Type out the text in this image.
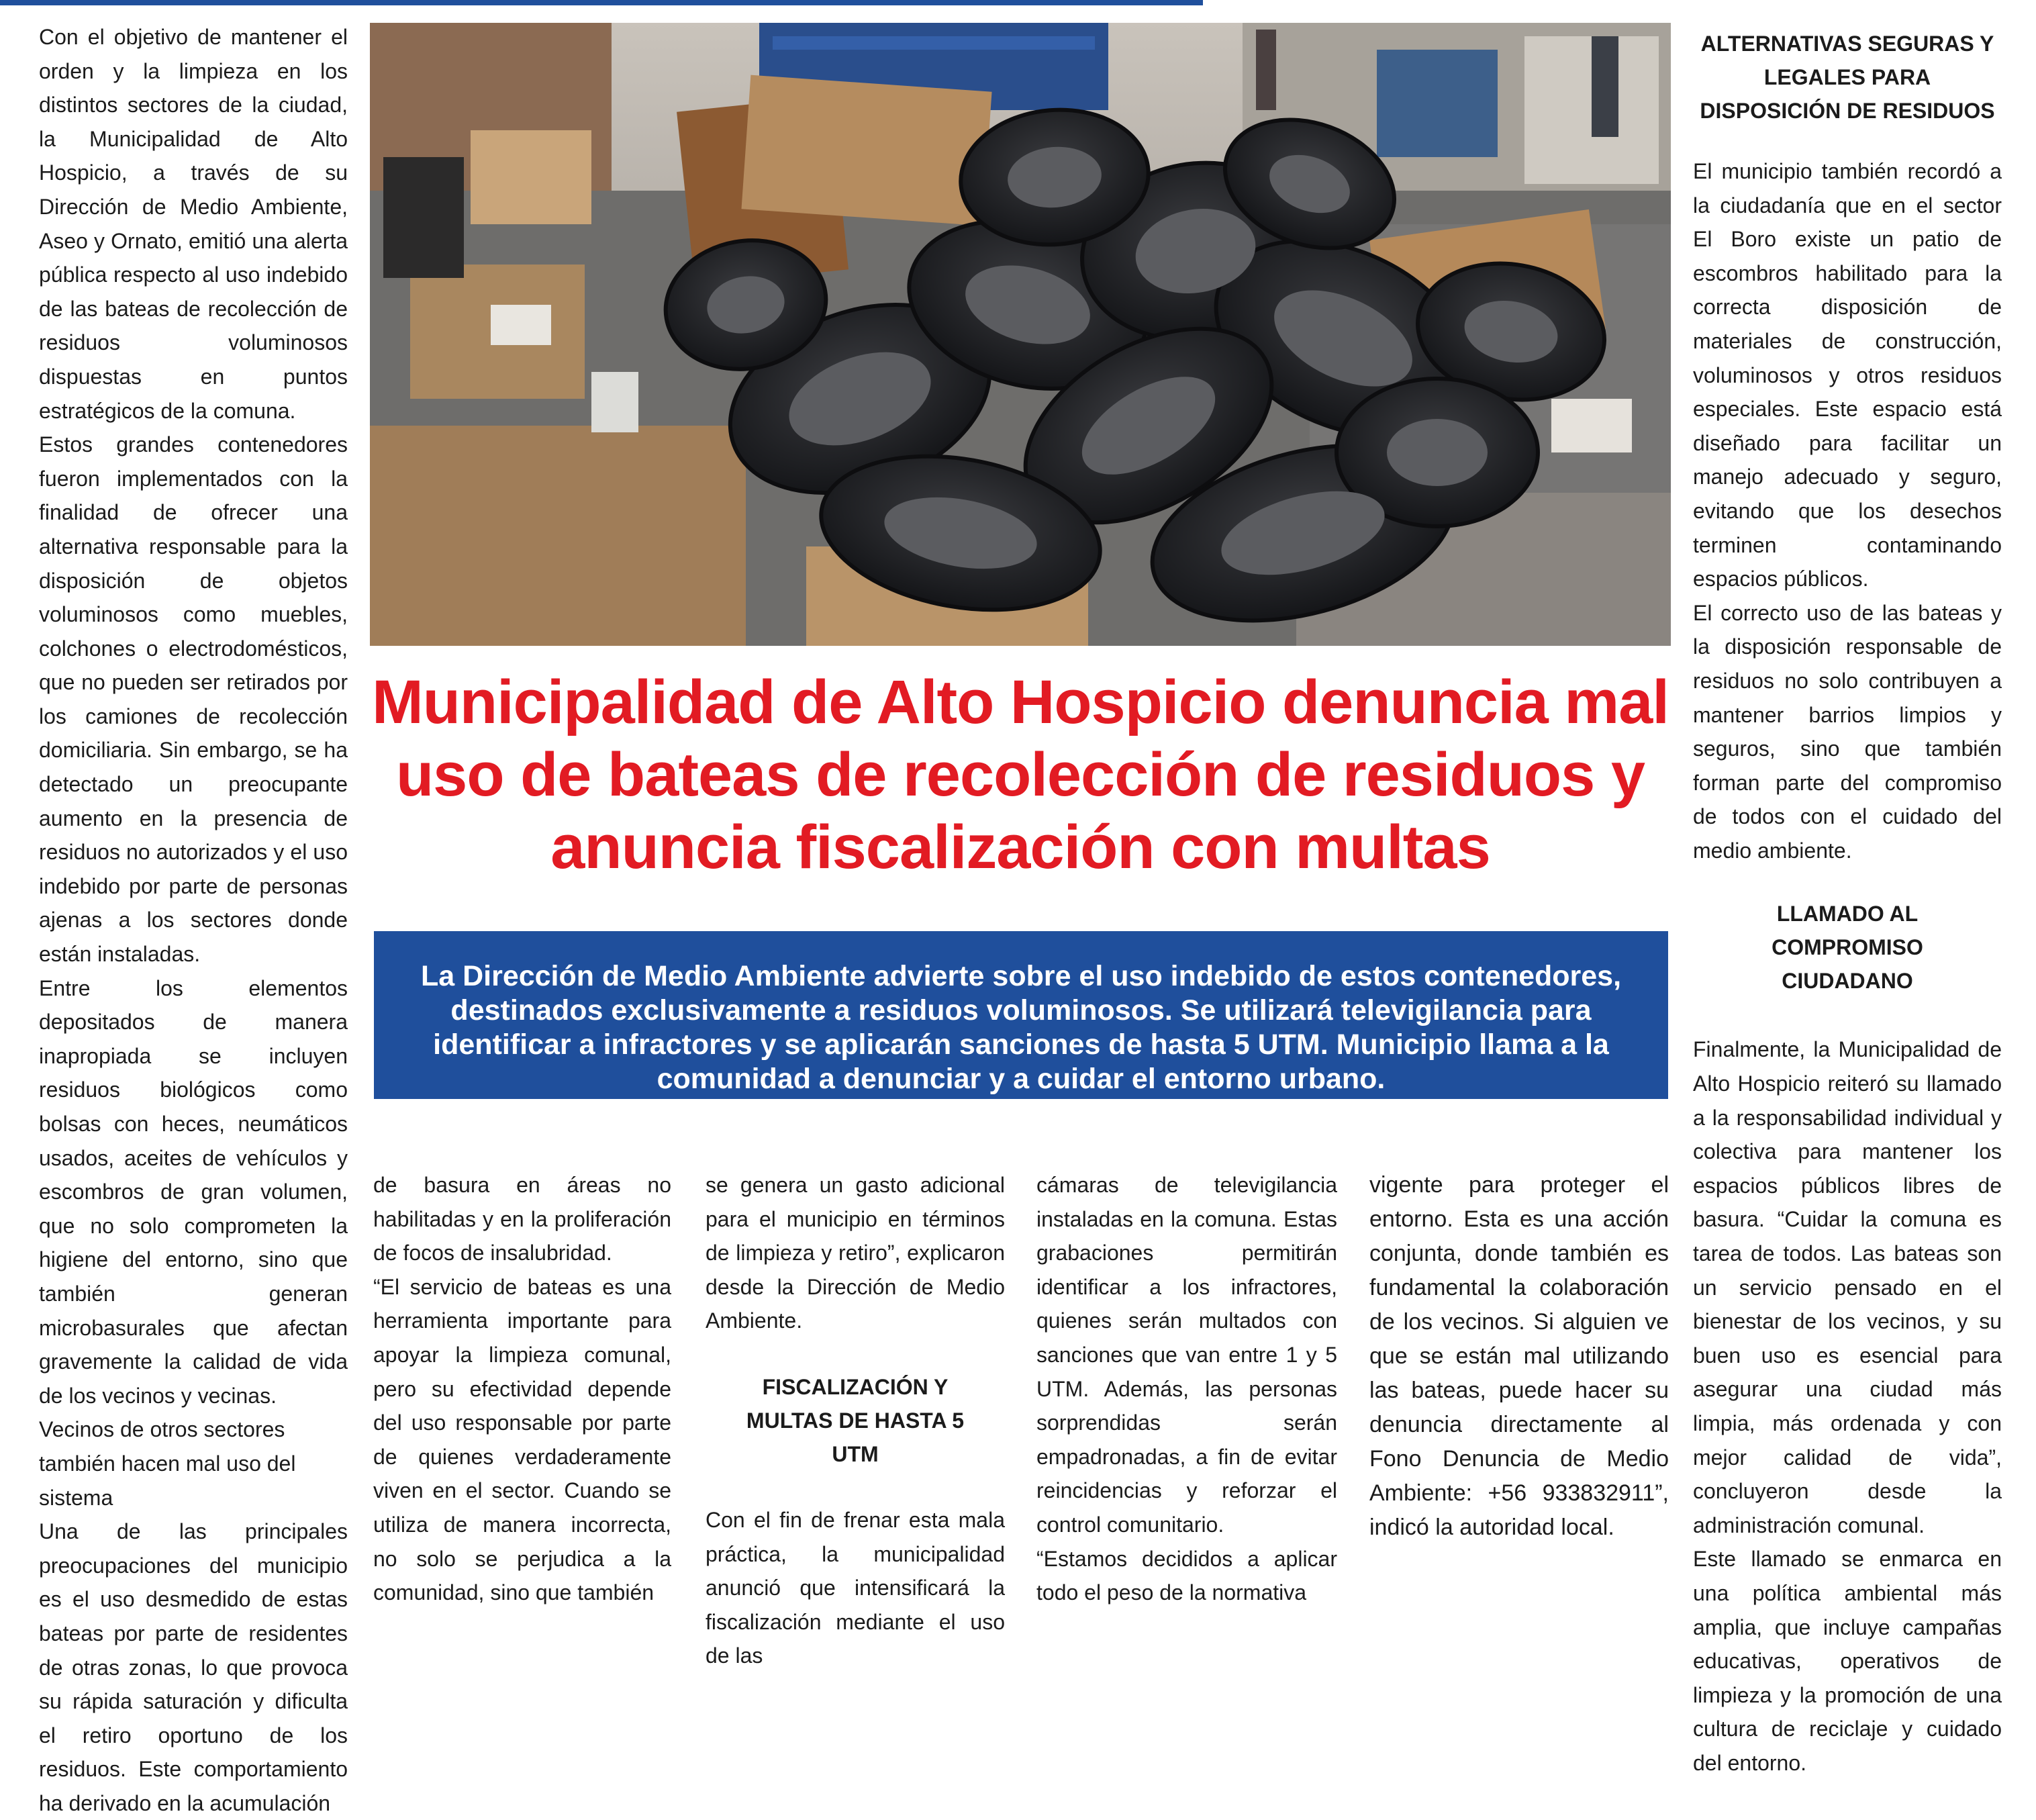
Con el objetivo de mantener el orden y la limpieza en los distintos sectores de la ciudad, la Municipalidad de Alto Hospicio, a través de su Dirección de Medio Ambiente, Aseo y Ornato, emitió una alerta pública respecto al uso indebido de las bateas de recolección de residuos voluminosos dispuestas en puntos estratégicos de la comuna.

Estos grandes contenedores fueron implementados con la finalidad de ofrecer una alternativa responsable para la disposición de objetos voluminosos como muebles, colchones o electrodomésticos, que no pueden ser retirados por los camiones de recolección domiciliaria. Sin embargo, se ha detectado un preocupante aumento en la presencia de residuos no autorizados y el uso indebido por parte de personas ajenas a los sectores donde están instaladas.

Entre los elementos depositados de manera inapropiada se incluyen residuos biológicos como bolsas con heces, neumáticos usados, aceites de vehículos y escombros de gran volumen, que no solo comprometen la higiene del entorno, sino que también generan microbasurales que afectan gravemente la calidad de vida de los vecinos y vecinas.

Vecinos de otros sectores también hacen mal uso del sistema

Una de las principales preocupaciones del municipio es el uso desmedido de estas bateas por parte de residentes de otras zonas, lo que provoca su rápida saturación y dificulta el retiro oportuno de los residuos. Este comportamiento ha derivado en la acumulación

Municipalidad de Alto Hospicio denuncia mal uso de bateas de recolección de residuos y anuncia fiscalización con multas
La Dirección de Medio Ambiente advierte sobre el uso indebido de estos contenedores, destinados exclusivamente a residuos voluminosos. Se utilizará televigilancia para identificar a infractores y se aplicarán sanciones de hasta 5 UTM. Municipio llama a la comunidad a denunciar y a cuidar el entorno urbano.

de basura en áreas no habilitadas y en la proliferación de focos de insalubridad.

“El servicio de bateas es una herramienta importante para apoyar la limpieza comunal, pero su efectividad depende del uso responsable por parte de quienes verdaderamente viven en el sector. Cuando se utiliza de manera incorrecta, no solo se perjudica a la comunidad, sino que también

se genera un gasto adicional para el municipio en términos de limpieza y retiro”, explicaron desde la Dirección de Medio Ambiente.

FISCALIZACIÓN Y MULTAS DE HASTA 5 UTM

Con el fin de frenar esta mala práctica, la municipalidad anunció que intensificará la fiscalización mediante el uso de las

cámaras de televigilancia instaladas en la comuna. Estas grabaciones permitirán identificar a los infractores, quienes serán multados con sanciones que van entre 1 y 5 UTM. Además, las personas sorprendidas serán empadronadas, a fin de evitar reincidencias y reforzar el control comunitario.

“Estamos decididos a aplicar todo el peso de la normativa

vigente para proteger el entorno. Esta es una acción conjunta, donde también es fundamental la colaboración de los vecinos. Si alguien ve que se están mal utilizando las bateas, puede hacer su denuncia directamente al Fono Denuncia de Medio Ambiente: +56 933832911”, indicó la autoridad local.

ALTERNATIVAS SEGURAS Y LEGALES PARA DISPOSICIÓN DE RESIDUOS

El municipio también recordó a la ciudadanía que en el sector El Boro existe un patio de escombros habilitado para la correcta disposición de materiales de construcción, voluminosos y otros residuos especiales. Este espacio está diseñado para facilitar un manejo adecuado y seguro, evitando que los desechos terminen contaminando espacios públicos.

El correcto uso de las bateas y la disposición responsable de residuos no solo contribuyen a mantener barrios limpios y seguros, sino que también forman parte del compromiso de todos con el cuidado del medio ambiente.

LLAMADO AL COMPROMISO CIUDADANO

Finalmente, la Municipalidad de Alto Hospicio reiteró su llamado a la responsabilidad individual y colectiva para mantener los espacios públicos libres de basura. “Cuidar la comuna es tarea de todos. Las bateas son un servicio pensado en el bienestar de los vecinos, y su buen uso es esencial para asegurar una ciudad más limpia, más ordenada y con mejor calidad de vida”, concluyeron desde la administración comunal.

Este llamado se enmarca en una política ambiental más amplia, que incluye campañas educativas, operativos de limpieza y la promoción de una cultura de reciclaje y cuidado del entorno.
